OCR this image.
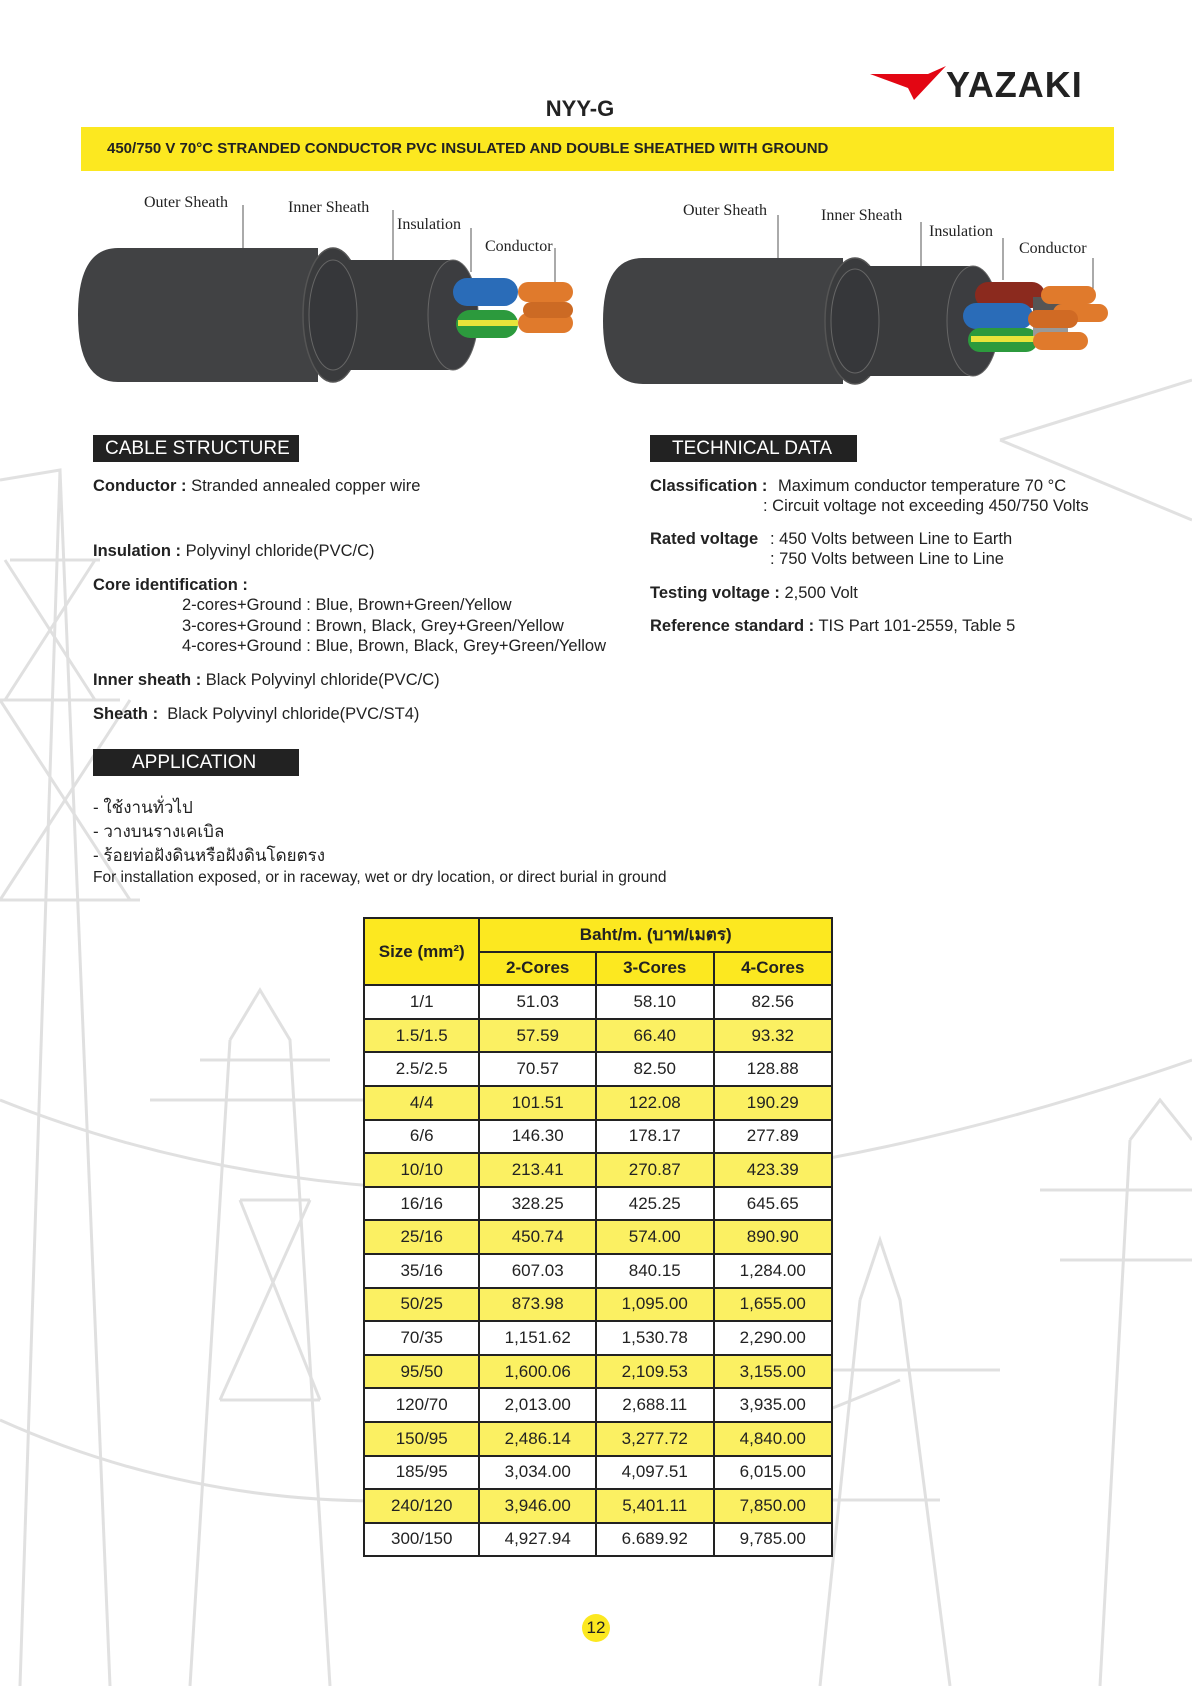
YAZAKI
NYY-G
450/750 V 70°C STRANDED CONDUCTOR PVC INSULATED AND DOUBLE SHEATHED WITH GROUND
Outer Sheath	Inner Sheath
Insulation
Conductor
Outer Sheath	Inner Sheath
Insulation
Conductor
CABLE STRUCTURE
Conductor : Stranded annealed copper wire
Insulation : Polyvinyl chloride(PVC/C)
Core identification :
2-cores+Ground : Blue, Brown+Green/Yellow
3-cores+Ground : Brown, Black, Grey+Green/Yellow
4-cores+Ground : Blue, Brown, Black, Grey+Green/Yellow
Inner sheath : Black Polyvinyl chloride(PVC/C)
Sheath : Black Polyvinyl chloride(PVC/ST4)
TECHNICAL DATA
Classification : Maximum conductor temperature 70 °C
: Circuit voltage not exceeding 450/750 Volts
Rated voltage : 450 Volts between Line to Earth
: 750 Volts between Line to Line
Testing voltage : 2,500 Volt
Reference standard : TIS Part 101-2559, Table 5
APPLICATION
- ใช้งานทั่วไป
- วางบนรางเคเบิล
- ร้อยท่อฝังดินหรือฝังดินโดยตรง
For installation exposed, or in raceway, wet or dry location, or direct burial in ground
Size (mm²)	Baht/m. (บาท/เมตร)		
	2-Cores	3-Cores	4-Cores
1/1	51.03	58.10	82.56
1.5/1.5	57.59	66.40	93.32
2.5/2.5	70.57	82.50	128.88
4/4	101.51	122.08	190.29
6/6	146.30	178.17	277.89
10/10	213.41	270.87	423.39
16/16	328.25	425.25	645.65
25/16	450.74	574.00	890.90
35/16	607.03	840.15	1,284.00
50/25	873.98	1,095.00	1,655.00
70/35	1,151.62	1,530.78	2,290.00
95/50	1,600.06	2,109.53	3,155.00
120/70	2,013.00	2,688.11	3,935.00
150/95	2,486.14	3,277.72	4,840.00
185/95	3,034.00	4,097.51	6,015.00
240/120	3,946.00	5,401.11	7,850.00
300/150	4,927.94	6.689.92	9,785.00
12
